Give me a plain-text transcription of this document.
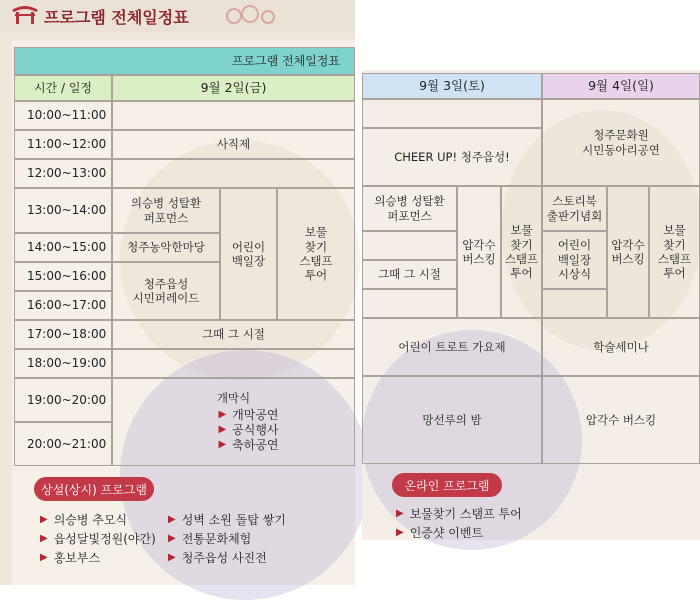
프로그램 전체일정표
프로그램 전체일정표
시간 / 일정	9월 2일(금)
10:00~11:00
11:00~12:00
12:00~13:00
13:00~14:00
14:00~15:00
15:00~16:00
16:00~17:00
17:00~18:00
18:00~19:00
19:00~20:00
20:00~21:00
사직제
의승병 성탈환
퍼포먼스
청주농악한마당
청주읍성
시민퍼레이드
어린이
백일장
보물
찾기
스탬프
투어
그때 그 시절
개막식
▶ 개막공연
▶ 공식행사
▶ 축하공연
상설(상시) 프로그램
▶ 의승병 추모식
▶ 읍성달빛정원(야간)
▶ 홍보부스
▶ 성벽 소원 돌탑 쌓기
▶ 전통문화체험
▶ 청주읍성 사진전
9월 3일(토)	9월 4일(일)
CHEER UP! 청주읍성!
의승병 성탈환
퍼포먼스
그때 그 시절
압각수
버스킹
보물
찾기
스탬프
투어
어린이 트로트 가요제
망선루의 밤
청주문화원
시민동아리공연
스토리북
출판기념회
어린이
백일장
시상식
압각수
버스킹
보물
찾기
스탬프
투어
학술세미나
압각수 버스킹
온라인 프로그램
▶ 보물찾기 스탬프 투어
▶ 인증샷 이벤트
